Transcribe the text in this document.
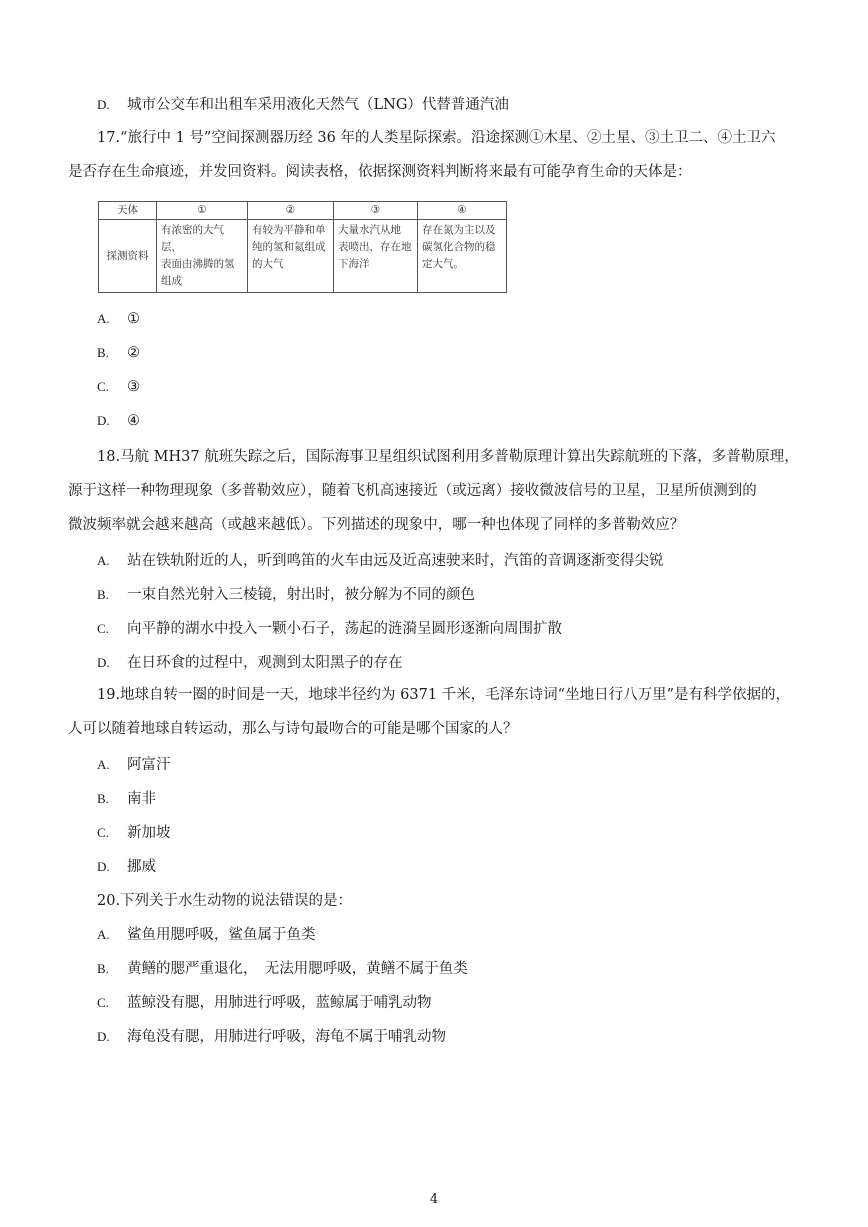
D. 城市公交车和出租车采用液化天然气（LNG）代替普通汽油
17.“旅行中 1 号”空间探测器历经 36 年的人类星际探索。沿途探测①木星、②土星、③土卫二、④土卫六
是否存在生命痕迹，并发回资料。阅读表格，依据探测资料判断将来最有可能孕育生命的天体是：
天体	①	②	③	④
探测资料	有浓密的大气层，
表面由沸腾的氢
组成	有较为平静和单
纯的氢和氦组成
的大气	大量水汽从地
表喷出，存在地
下海洋	存在氮为主以及
碳氢化合物的稳
定大气。
A. ①
B. ②
C. ③
D. ④
18.马航 MH37 航班失踪之后，国际海事卫星组织试图利用多普勒原理计算出失踪航班的下落，多普勒原理，
源于这样一种物理现象（多普勒效应），随着飞机高速接近（或远离）接收微波信号的卫星，卫星所侦测到的
微波频率就会越来越高（或越来越低）。下列描述的现象中，哪一种也体现了同样的多普勒效应？
A. 站在铁轨附近的人，听到鸣笛的火车由远及近高速驶来时，汽笛的音调逐渐变得尖锐
B. 一束自然光射入三棱镜，射出时，被分解为不同的颜色
C. 向平静的湖水中投入一颗小石子，荡起的涟漪呈圆形逐渐向周围扩散
D. 在日环食的过程中，观测到太阳黑子的存在
19.地球自转一圈的时间是一天，地球半径约为 6371 千米，毛泽东诗词“坐地日行八万里”是有科学依据的，
人可以随着地球自转运动，那么与诗句最吻合的可能是哪个国家的人？
A. 阿富汗
B. 南非
C. 新加坡
D. 挪威
20.下列关于水生动物的说法错误的是：
A. 鲨鱼用腮呼吸，鲨鱼属于鱼类
B. 黄鳝的腮严重退化，　无法用腮呼吸，黄鳝不属于鱼类
C. 蓝鲸没有腮，用肺进行呼吸，蓝鲸属于哺乳动物
D. 海龟没有腮，用肺进行呼吸，海龟不属于哺乳动物
4
